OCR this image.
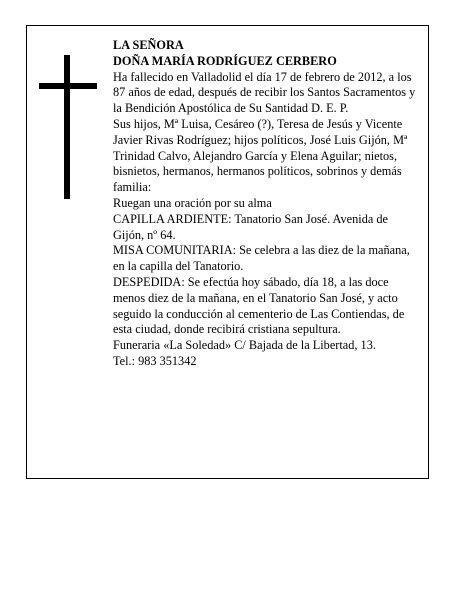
LA SEÑORA

DOÑA MARÍA RODRÍGUEZ CERBERO

Ha fallecido en Valladolid el día 17 de febrero de 2012, a los 87 años de edad, después de recibir los Santos Sacramentos y la Bendición Apostólica de Su Santidad D. E. P.

Sus hijos, Mª Luisa, Cesáreo (?), Teresa de Jesús y Vicente Javier Rivas Rodríguez; hijos políticos, José Luis Gijón, Mª Trinidad Calvo, Alejandro García y Elena Aguilar; nietos, bisnietos, hermanos, hermanos políticos, sobrinos y demás familia:

Ruegan una oración por su alma

CAPILLA ARDIENTE: Tanatorio San José. Avenida de Gijón, nº 64.

MISA COMUNITARIA: Se celebra a las diez de la mañana, en la capilla del Tanatorio.

DESPEDIDA: Se efectúa hoy sábado, día 18, a las doce menos diez de la mañana, en el Tanatorio San José, y acto seguido la conducción al cementerio de Las Contiendas, de esta ciudad, donde recibirá cristiana sepultura.

Funeraria «La Soledad» C/ Bajada de la Libertad, 13.

Tel.: 983 351342
